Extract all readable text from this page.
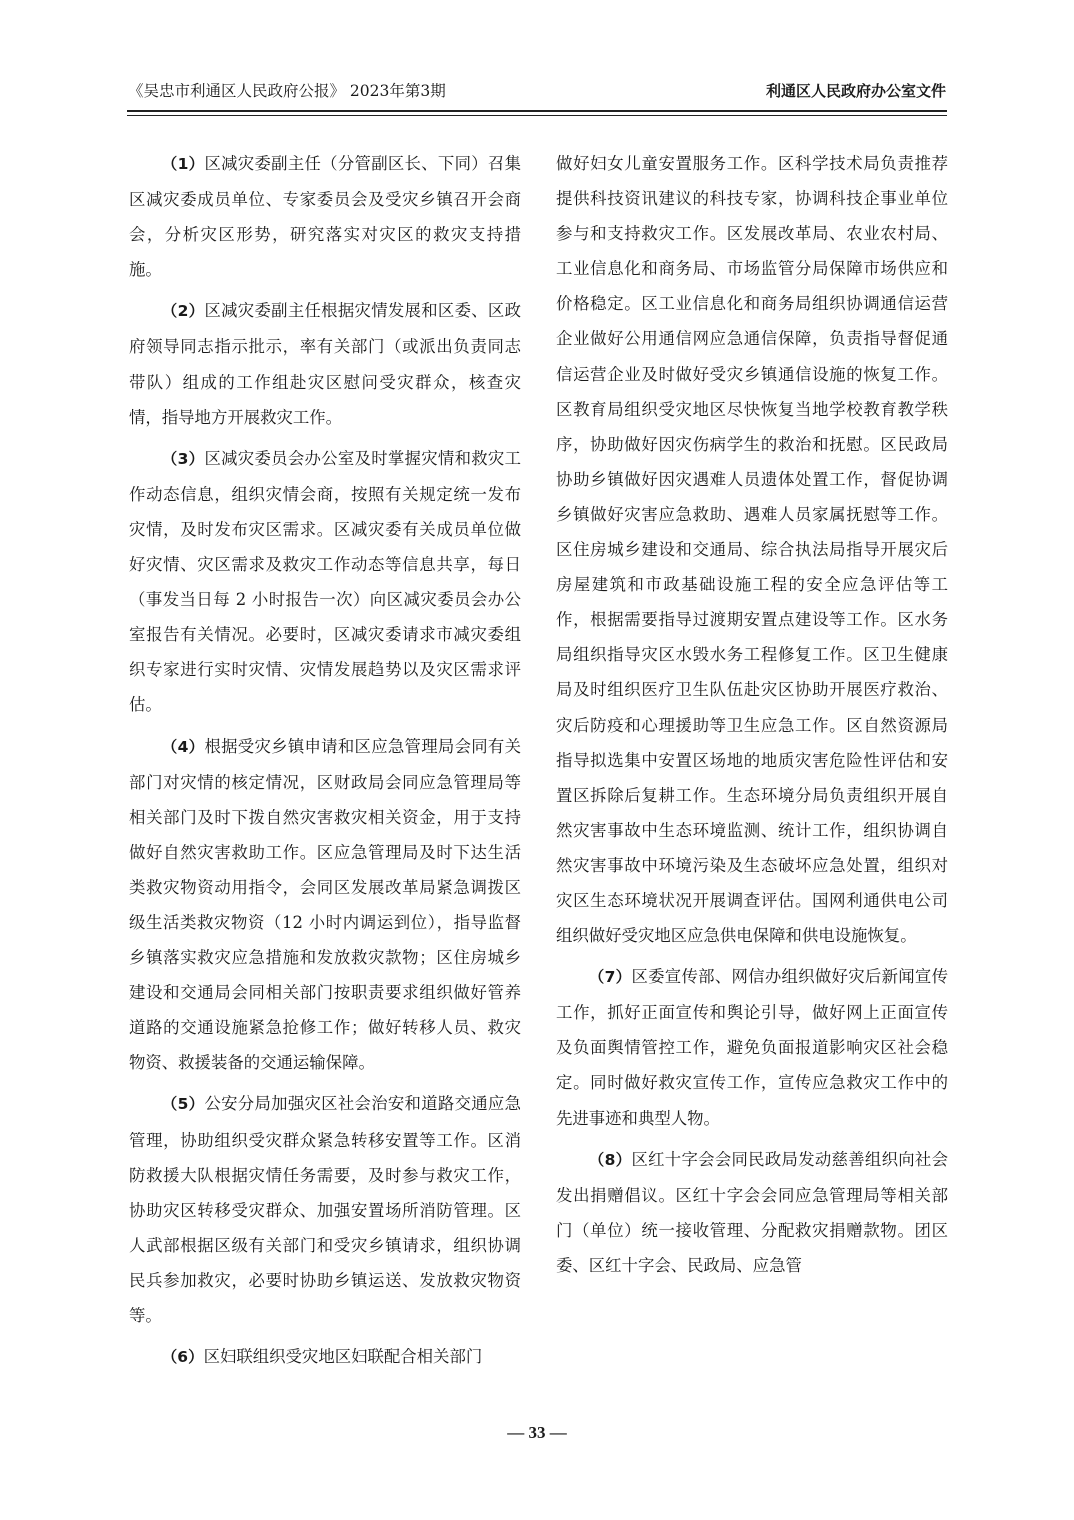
《吴忠市利通区人民政府公报》 2023年第3期	利通区人民政府办公室文件

（1）区减灾委副主任（分管副区长、下同）召集区减灾委成员单位、专家委员会及受灾乡镇召开会商会，分析灾区形势，研究落实对灾区的救灾支持措施。

（2）区减灾委副主任根据灾情发展和区委、区政府领导同志指示批示，率有关部门（或派出负责同志带队）组成的工作组赴灾区慰问受灾群众，核查灾情，指导地方开展救灾工作。

（3）区减灾委员会办公室及时掌握灾情和救灾工作动态信息，组织灾情会商，按照有关规定统一发布灾情，及时发布灾区需求。区减灾委有关成员单位做好灾情、灾区需求及救灾工作动态等信息共享，每日（事发当日每 2 小时报告一次）向区减灾委员会办公室报告有关情况。必要时，区减灾委请求市减灾委组织专家进行实时灾情、灾情发展趋势以及灾区需求评估。

（4）根据受灾乡镇申请和区应急管理局会同有关部门对灾情的核定情况，区财政局会同应急管理局等相关部门及时下拨自然灾害救灾相关资金，用于支持做好自然灾害救助工作。区应急管理局及时下达生活类救灾物资动用指令，会同区发展改革局紧急调拨区级生活类救灾物资（12 小时内调运到位），指导监督乡镇落实救灾应急措施和发放救灾款物；区住房城乡建设和交通局会同相关部门按职责要求组织做好管养道路的交通设施紧急抢修工作；做好转移人员、救灾物资、救援装备的交通运输保障。

（5）公安分局加强灾区社会治安和道路交通应急管理，协助组织受灾群众紧急转移安置等工作。区消防救援大队根据灾情任务需要，及时参与救灾工作，协助灾区转移受灾群众、加强安置场所消防管理。区人武部根据区级有关部门和受灾乡镇请求，组织协调民兵参加救灾，必要时协助乡镇运送、发放救灾物资等。

（6）区妇联组织受灾地区妇联配合相关部门

做好妇女儿童安置服务工作。区科学技术局负责推荐提供科技资讯建议的科技专家，协调科技企事业单位参与和支持救灾工作。区发展改革局、农业农村局、工业信息化和商务局、市场监管分局保障市场供应和价格稳定。区工业信息化和商务局组织协调通信运营企业做好公用通信网应急通信保障，负责指导督促通信运营企业及时做好受灾乡镇通信设施的恢复工作。区教育局组织受灾地区尽快恢复当地学校教育教学秩序，协助做好因灾伤病学生的救治和抚慰。区民政局协助乡镇做好因灾遇难人员遗体处置工作，督促协调乡镇做好灾害应急救助、遇难人员家属抚慰等工作。区住房城乡建设和交通局、综合执法局指导开展灾后房屋建筑和市政基础设施工程的安全应急评估等工作，根据需要指导过渡期安置点建设等工作。区水务局组织指导灾区水毁水务工程修复工作。区卫生健康局及时组织医疗卫生队伍赴灾区协助开展医疗救治、灾后防疫和心理援助等卫生应急工作。区自然资源局指导拟选集中安置区场地的地质灾害危险性评估和安置区拆除后复耕工作。生态环境分局负责组织开展自然灾害事故中生态环境监测、统计工作，组织协调自然灾害事故中环境污染及生态破坏应急处置，组织对灾区生态环境状况开展调查评估。国网利通供电公司组织做好受灾地区应急供电保障和供电设施恢复。

（7）区委宣传部、网信办组织做好灾后新闻宣传工作，抓好正面宣传和舆论引导，做好网上正面宣传及负面舆情管控工作，避免负面报道影响灾区社会稳定。同时做好救灾宣传工作，宣传应急救灾工作中的先进事迹和典型人物。

（8）区红十字会会同民政局发动慈善组织向社会发出捐赠倡议。区红十字会会同应急管理局等相关部门（单位）统一接收管理、分配救灾捐赠款物。团区委、区红十字会、民政局、应急管

— 33 —
